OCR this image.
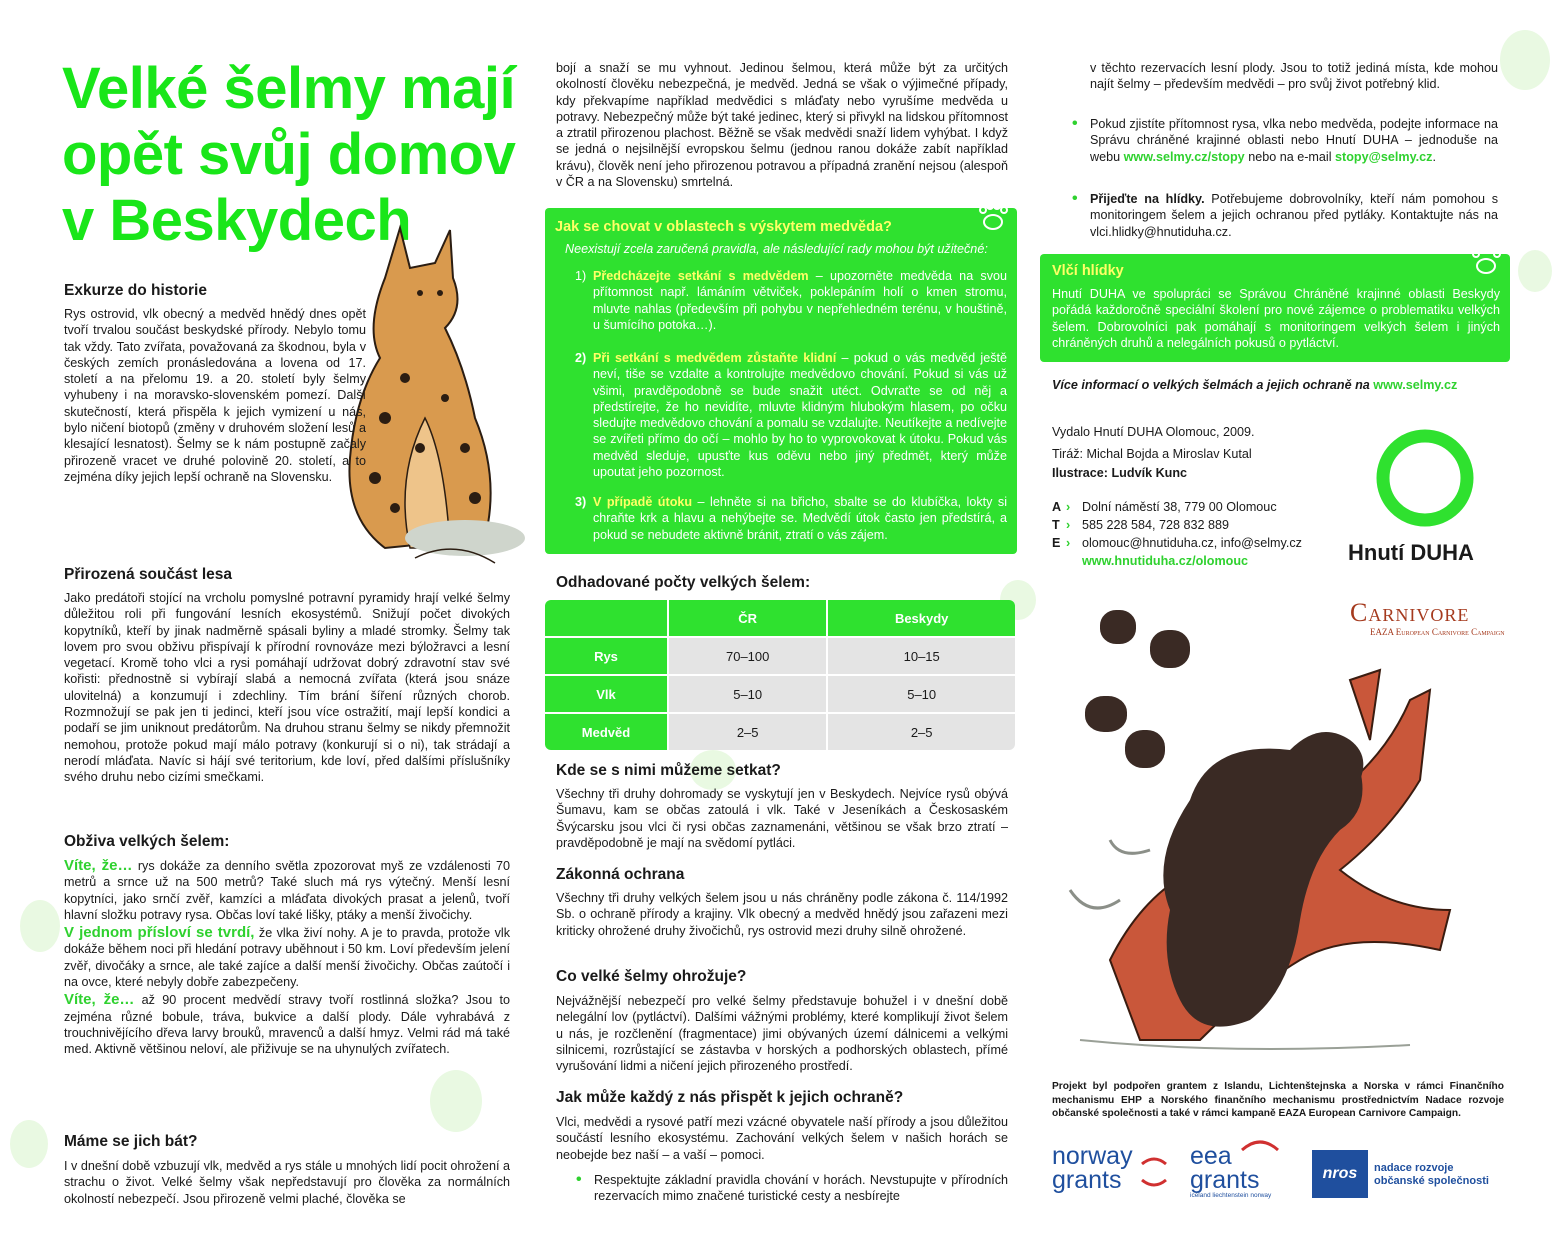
Velké šelmy mají
opět svůj domov
v Beskydech

Exkurze do historie

Rys ostrovid, vlk obecný a medvěd hnědý dnes opět tvoří trvalou součást beskydské přírody. Nebylo tomu tak vždy. Tato zvířata, považovaná za škodnou, byla v českých zemích pronásledována a lovena od 17. století a na přelomu 19. a 20. století byly šelmy vyhubeny i na moravsko-slovenském pomezí. Další skutečností, která přispěla k jejich vymizení u nás, bylo ničení biotopů (změny v druhovém složení lesů a klesající lesnatost). Šelmy se k nám postupně začaly přirozeně vracet ve druhé polovině 20. století, a to zejména díky jejich lepší ochraně na Slovensku.

Přirozená součást lesa

Jako predátoři stojící na vrcholu pomyslné potravní pyramidy hrají velké šelmy důležitou roli při fungování lesních ekosystémů. Snižují počet divokých kopytníků, kteří by jinak nadměrně spásali byliny a mladé stromky. Šelmy tak lovem pro svou obživu přispívají k přírodní rovnováze mezi býložravci a lesní vegetací. Kromě toho vlci a rysi pomáhají udržovat dobrý zdravotní stav své kořisti: přednostně si vybírají slabá a nemocná zvířata (která jsou snáze ulovitelná) a konzumují i zdechliny. Tím brání šíření různých chorob. Rozmnožují se pak jen ti jedinci, kteří jsou více ostražití, mají lepší kondici a podaří se jim uniknout predátorům. Na druhou stranu šelmy se nikdy přemnožit nemohou, protože pokud mají málo potravy (konkurují si o ni), tak strádají a nerodí mláďata. Navíc si hájí své teritorium, kde loví, před dalšími příslušníky svého druhu nebo cizími smečkami.

Obživa velkých šelem:

Víte, že… rys dokáže za denního světla zpozorovat myš ze vzdálenosti 70 metrů a srnce už na 500 metrů? Také sluch má rys výtečný. Menší lesní kopytníci, jako srnčí zvěř, kamzíci a mláďata divokých prasat a jelenů, tvoří hlavní složku potravy rysa. Občas loví také lišky, ptáky a menší živočichy.

V jednom přísloví se tvrdí, že vlka živí nohy. A je to pravda, protože vlk dokáže během noci při hledání potravy uběhnout i 50 km. Loví především jelení zvěř, divočáky a srnce, ale také zajíce a další menší živočichy. Občas zaútočí i na ovce, které nebyly dobře zabezpečeny.

Víte, že… až 90 procent medvědí stravy tvoří rostlinná složka? Jsou to zejména různé bobule, tráva, bukvice a další plody. Dále vyhrabává z trouchnivějícího dřeva larvy brouků, mravenců a další hmyz. Velmi rád má také med. Aktivně většinou neloví, ale přiživuje se na uhynulých zvířatech.

Máme se jich bát?

I v dnešní době vzbuzují vlk, medvěd a rys stále u mnohých lidí pocit ohrožení a strachu o život. Velké šelmy však nepředstavují pro člověka za normálních okolností nebezpečí. Jsou přirozeně velmi plaché, člověka se

bojí a snaží se mu vyhnout. Jedinou šelmou, která může být za určitých okolností člověku nebezpečná, je medvěd. Jedná se však o výjimečné případy, kdy překvapíme například medvědici s mláďaty nebo vyrušíme medvěda u potravy. Nebezpečný může být také jedinec, který si přivykl na lidskou přítomnost a ztratil přirozenou plachost. Běžně se však medvědi snaží lidem vyhýbat. I když se jedná o nejsilnější evropskou šelmu (jednou ranou dokáže zabít například krávu), člověk není jeho přirozenou potravou a případná zranění nejsou (alespoň v ČR a na Slovensku) smrtelná.

Jak se chovat v oblastech s výskytem medvěda?
Neexistují zcela zaručená pravidla, ale následující rady mohou být užitečné:
1) Předcházejte setkání s medvědem – upozorněte medvěda na svou přítomnost např. lámáním větviček, poklepáním holí o kmen stromu, mluvte nahlas (především při pohybu v nepřehledném terénu, v houštině, u šumícího potoka…).

2) Při setkání s medvědem zůstaňte klidní – pokud o vás medvěd ještě neví, tiše se vzdalte a kontrolujte medvědovo chování. Pokud si vás už všimi, pravděpodobně se bude snažit utéct. Odvraťte se od něj a předstírejte, že ho nevidíte, mluvte klidným hlubokým hlasem, po očku sledujte medvědovo chování a pomalu se vzdalujte. Neutíkejte a nedívejte se zvířeti přímo do očí – mohlo by ho to vyprovokovat k útoku. Pokud vás medvěd sleduje, upusťte kus oděvu nebo jiný předmět, který může upoutat jeho pozornost.

3) V případě útoku – lehněte si na břicho, sbalte se do klubíčka, lokty si chraňte krk a hlavu a nehýbejte se. Medvědí útok často jen předstírá, a pokud se nebudete aktivně bránit, ztratí o vás zájem.

Odhadované počty velkých šelem:

	ČR	Beskydy
Rys	70–100	10–15
Vlk	5–10	5–10
Medvěd	2–5	2–5

Kde se s nimi můžeme setkat?

Všechny tři druhy dohromady se vyskytují jen v Beskydech. Nejvíce rysů obývá Šumavu, kam se občas zatoulá i vlk. Také v Jeseníkách a Českosaském Švýcarsku jsou vlci či rysi občas zaznamenáni, většinou se však brzo ztratí – pravděpodobně je mají na svědomí pytláci.

Zákonná ochrana

Všechny tři druhy velkých šelem jsou u nás chráněny podle zákona č. 114/1992 Sb. o ochraně přírody a krajiny. Vlk obecný a medvěd hnědý jsou zařazeni mezi kriticky ohrožené druhy živočichů, rys ostrovid mezi druhy silně ohrožené.

Co velké šelmy ohrožuje?

Nejvážnější nebezpečí pro velké šelmy představuje bohužel i v dnešní době nelegální lov (pytláctví). Dalšími vážnými problémy, které komplikují život šelem u nás, je rozčlenění (fragmentace) jimi obývaných území dálnicemi a velkými silnicemi, rozrůstající se zástavba v horských a podhorských oblastech, přímé vyrušování lidmi a ničení jejich přirozeného prostředí.

Jak může každý z nás přispět k jejich ochraně?

Vlci, medvědi a rysové patří mezi vzácné obyvatele naší přírody a jsou důležitou součástí lesního ekosystému. Zachování velkých šelem v našich horách se neobejde bez naší – a vaší – pomoci.

• Respektujte základní pravidla chování v horách. Nevstupujte v přírodních rezervacích mimo značené turistické cesty a nesbírejte

v těchto rezervacích lesní plody. Jsou to totiž jediná místa, kde mohou najít šelmy – především medvědi – pro svůj život potřebný klid.

• Pokud zjistíte přítomnost rysa, vlka nebo medvěda, podejte informace na Správu chráněné krajinné oblasti nebo Hnutí DUHA – jednoduše na webu www.selmy.cz/stopy nebo na e-mail stopy@selmy.cz.

• Přijeďte na hlídky. Potřebujeme dobrovolníky, kteří nám pomohou s monitoringem šelem a jejich ochranou před pytláky. Kontaktujte nás na vlci.hlidky@hnutiduha.cz.

Vlčí hlídky

Hnutí DUHA ve spolupráci se Správou Chráněné krajinné oblasti Beskydy pořádá každoročně speciální školení pro nové zájemce o problematiku velkých šelem. Dobrovolníci pak pomáhají s monitoringem velkých šelem i jiných chráněných druhů a nelegálních pokusů o pytláctví.

Více informací o velkých šelmách a jejich ochraně na www.selmy.cz

Vydalo Hnutí DUHA Olomouc, 2009.

Tiráž: Michal Bojda a Miroslav Kutal

Ilustrace: Ludvík Kunc

A › Dolní náměstí 38, 779 00 Olomouc
T › 585 228 584, 728 832 889
E › olomouc@hnutiduha.cz, info@selmy.cz
www.hnutiduha.cz/olomouc	Hnutí DUHA
Carnivore
EAZA European Carnivore Campaign

Projekt byl podpořen grantem z Islandu, Lichtenštejnska a Norska v rámci Finančního mechanismu EHP a Norského finančního mechanismu prostřednictvím Nadace rozvoje občanské společnosti a také v rámci kampaně EAZA European Carnivore Campaign.

norway
grants
eea
grants
iceland liechtenstein norway
nros	nadace rozvoje
občanské společnosti
